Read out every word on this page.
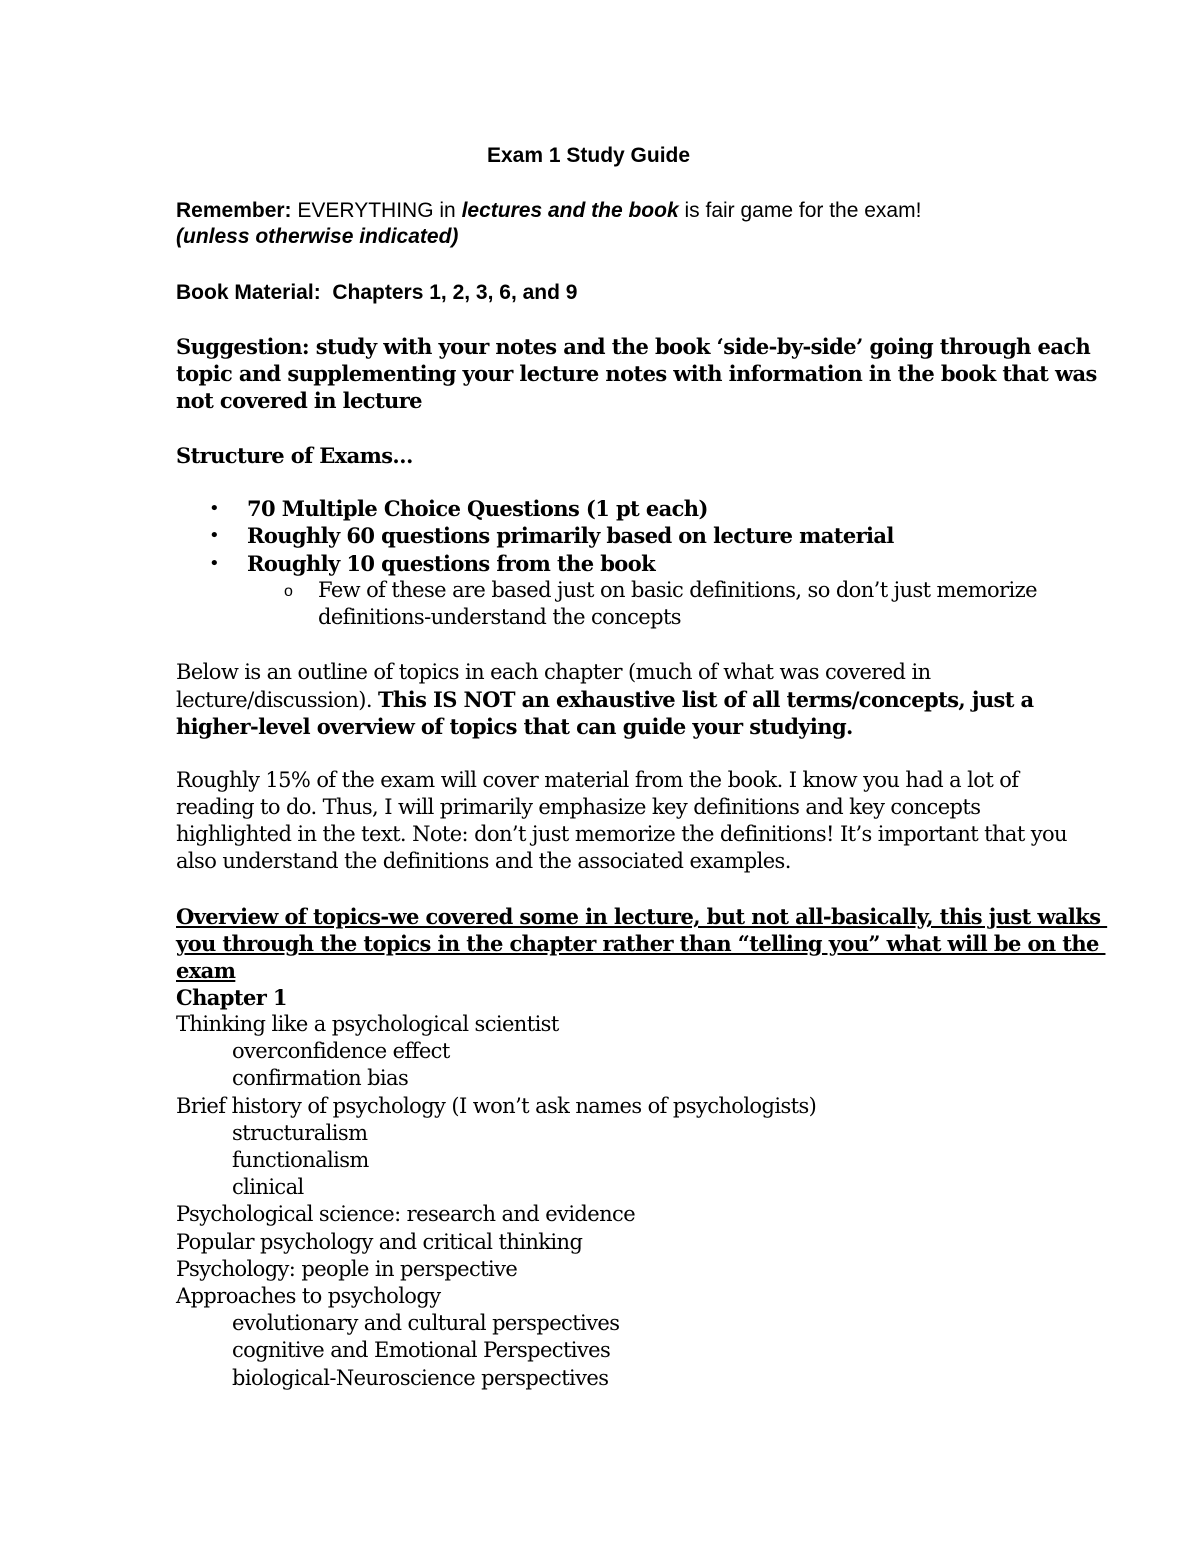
Exam 1 Study Guide
Remember: EVERYTHING in lectures and the book is fair game for the exam!
(unless otherwise indicated)
Book Material:  Chapters 1, 2, 3, 6, and 9
Suggestion: study with your notes and the book ‘side-by-side’ going through each
topic and supplementing your lecture notes with information in the book that was
not covered in lecture
Structure of Exams…
• 70 Multiple Choice Questions (1 pt each)
• Roughly 60 questions primarily based on lecture material
• Roughly 10 questions from the book
o Few of these are based just on basic definitions, so don’t just memorize
definitions-understand the concepts
Below is an outline of topics in each chapter (much of what was covered in
lecture/discussion). This IS NOT an exhaustive list of all terms/concepts, just a
higher-level overview of topics that can guide your studying.
Roughly 15% of the exam will cover material from the book. I know you had a lot of
reading to do. Thus, I will primarily emphasize key definitions and key concepts
highlighted in the text. Note: don’t just memorize the definitions! It’s important that you
also understand the definitions and the associated examples.
Overview of topics-we covered some in lecture, but not all-basically, this just walks
you through the topics in the chapter rather than “telling you” what will be on the
exam
Chapter 1
Thinking like a psychological scientist
overconfidence effect
confirmation bias
Brief history of psychology (I won’t ask names of psychologists)
structuralism
functionalism
clinical
Psychological science: research and evidence
Popular psychology and critical thinking
Psychology: people in perspective
Approaches to psychology
evolutionary and cultural perspectives
cognitive and Emotional Perspectives
biological-Neuroscience perspectives
